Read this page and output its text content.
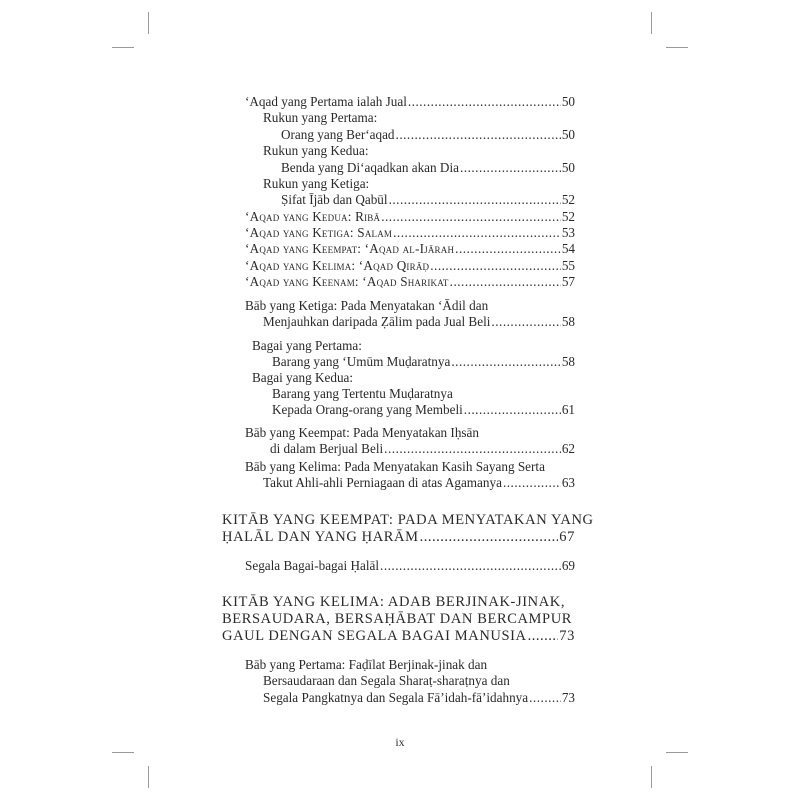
‘Aqad yang Pertama ialah Jual .....	50
Rukun yang Pertama:
Orang yang Ber‘aqad .....	50
Rukun yang Kedua:
Benda yang Di‘aqadkan akan Dia .....	50
Rukun yang Ketiga:
Ṣifat Ījāb dan Qabūl .....	52
‘Aqad yang Kedua: Ribā .....	52
‘Aqad yang Ketiga: Salam .....	53
‘Aqad yang Keempat: ‘Aqad al-Ijārah .....	54
‘Aqad yang Kelima: ‘Aqad Qirāḍ .....	55
‘Aqad yang Keenam: ‘Aqad Sharikat .....	57
Bāb yang Ketiga: Pada Menyatakan ‘Ādil dan
Menjauhkan daripada Ẓālim pada Jual Beli .....	58
Bagai yang Pertama:
Barang yang ‘Umūm Muḍaratnya .....	58
Bagai yang Kedua:
Barang yang Tertentu Muḍaratnya
Kepada Orang-orang yang Membeli .....	61
Bāb yang Keempat: Pada Menyatakan Iḥsān
di dalam Berjual Beli .....	62
Bāb yang Kelima: Pada Menyatakan Kasih Sayang Serta
Takut Ahli-ahli Perniagaan di atas Agamanya .....	63
KITĀB YANG KEEMPAT: PADA MENYATAKAN YANG
ḤALĀL DAN YANG ḤARĀM .....	67
Segala Bagai-bagai Ḥalāl .....	69
KITĀB YANG KELIMA: ADAB BERJINAK-JINAK,
BERSAUDARA, BERSAḤĀBAT DAN BERCAMPUR
GAUL DENGAN SEGALA BAGAI MANUSIA ..... 73
Bāb yang Pertama: Faḍīlat Berjinak-jinak dan
Bersaudaraan dan Segala Sharaṭ-sharaṭnya dan
Segala Pangkatnya dan Segala Fā’idah-fā’idahnya .....	73
ix
